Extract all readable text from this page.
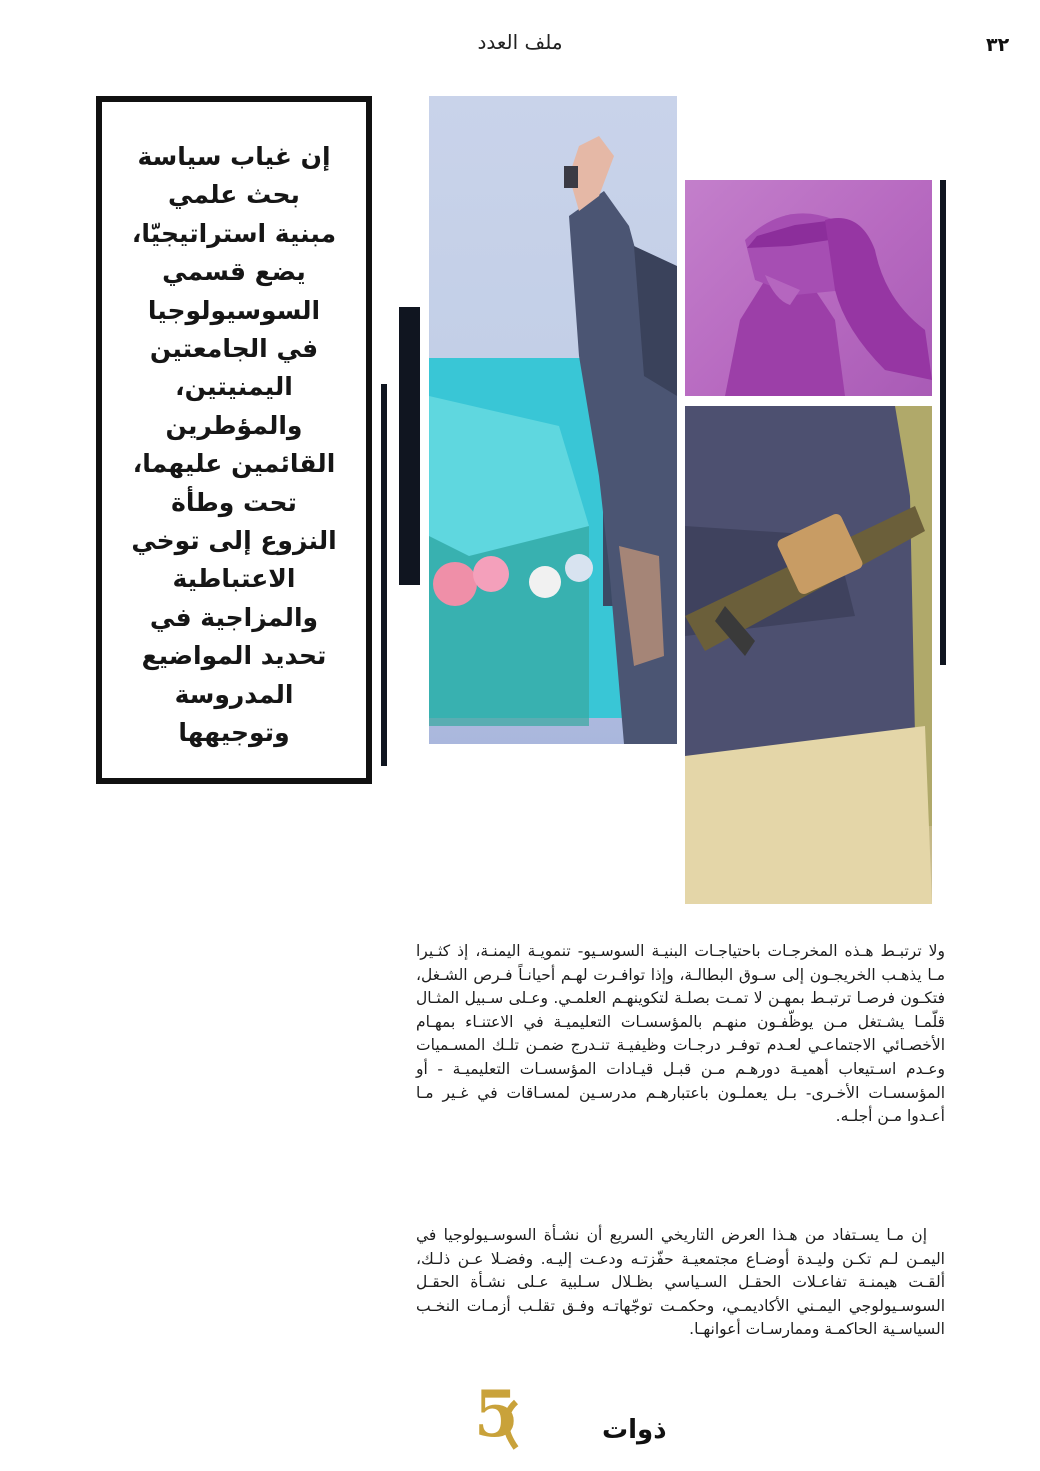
ملف العدد	٣٢
إن غياب سياسة
بحث علمي
مبنية استراتيجيّا،
يضع قسمي
السوسيولوجيا
في الجامعتين
اليمنيتين،
والمؤطرين
القائمين عليهما،
تحت وطأة
النزوع إلى توخي
الاعتباطية
والمزاجية في
تحديد المواضيع
المدروسة
وتوجيهها
ولا ترتبـط هـذه المخرجـات باحتياجـات البنيـة السوسـيو- تنمويـة اليمنـة، إذ كثـيرا مـا يذهـب الخريجـون إلى سـوق البطالـة، وإذا توافـرت لهـم أحيانـاً فـرص الشـغل، فتكـون فرصـا ترتبـط بمهـن لا تمـت بصلـة لتكوينهـم العلمـي. وعـلى سـبيل المثـال قلّمـا يشـتغل مـن يوظّفـون منهـم بالمؤسسـات التعليميـة في الاعتنـاء بمهـام الأخصـائي الاجتماعـي لعـدم توفـر درجـات وظيفيـة تنـدرج ضمـن تلـك المسـميات وعـدم اسـتيعاب أهميـة دورهـم مـن قبـل قيـادات المؤسسـات التعليميـة - أو المؤسسـات الأخـرى- بـل يعملـون باعتبارهـم مدرسـين لمسـاقات في غـير مـا أعـدوا مـن أجلـه.
إن مـا يسـتفاد من هـذا العرض التاريخي السريع أن نشـأة السوسـيولوجيا في اليمـن لـم تكـن وليـدة أوضـاع مجتمعيـة حفّزتـه ودعـت إليـه. وفضـلا عـن ذلـك، ألقـت هيمنـة تفاعـلات الحقـل السـياسي بظـلال سـلبية عـلى نشـأة الحقـل السوسـيولوجي اليمـني الأكاديمـي، وحكمـت توجّهاتـه وفـق تقلـب أزمـات النخـب السياسـية الحاكمـة وممارسـات أعوانهـا.
5	ذوات
